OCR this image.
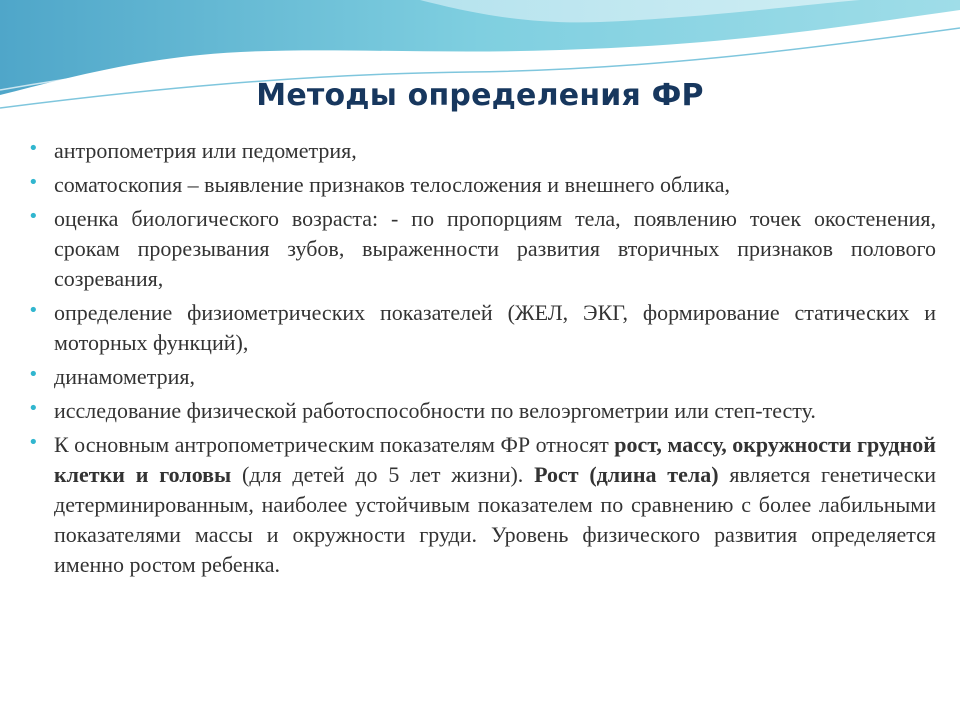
Методы определения ФР
• антропометрия или педометрия,
• соматоскопия – выявление признаков телосложения и внешнего облика,
• оценка биологического возраста: - по пропорциям тела, появлению точек окостенения, срокам прорезывания зубов, выраженности развития вторичных признаков полового созревания,
• определение физиометрических показателей (ЖЕЛ, ЭКГ, формирование статических и моторных функций),
• динамометрия,
• исследование физической работоспособности по велоэргометрии или степ-тесту.
• К основным антропометрическим показателям ФР относят рост, массу, окружности грудной клетки и головы (для детей до 5 лет жизни). Рост (длина тела) является генетически детерминированным, наиболее устойчивым показателем по сравнению с более лабильными показателями массы и окружности груди. Уровень физического развития определяется именно ростом ребенка.
